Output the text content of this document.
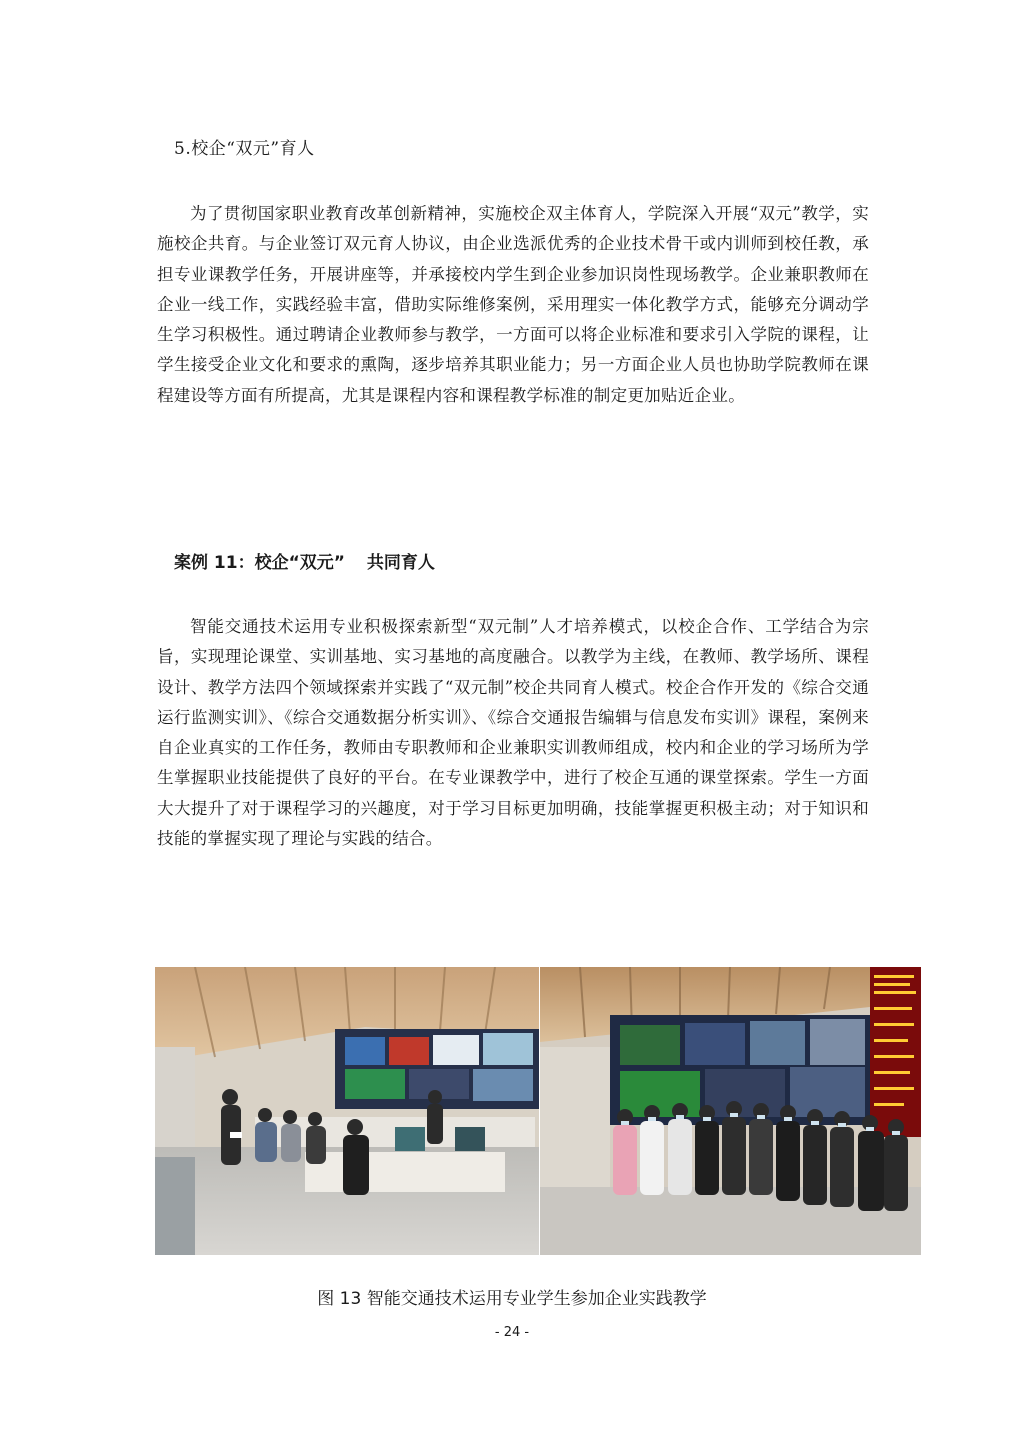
5.校企“双元”育人

为了贯彻国家职业教育改革创新精神，实施校企双主体育人，学院深入开展“双元”教学，实施校企共育。与企业签订双元育人协议，由企业选派优秀的企业技术骨干或内训师到校任教，承担专业课教学任务，开展讲座等，并承接校内学生到企业参加识岗性现场教学。企业兼职教师在企业一线工作，实践经验丰富，借助实际维修案例，采用理实一体化教学方式，能够充分调动学生学习积极性。通过聘请企业教师参与教学，一方面可以将企业标准和要求引入学院的课程，让学生接受企业文化和要求的熏陶，逐步培养其职业能力；另一方面企业人员也协助学院教师在课程建设等方面有所提高，尤其是课程内容和课程教学标准的制定更加贴近企业。

案例 11：校企“双元” 共同育人

智能交通技术运用专业积极探索新型“双元制”人才培养模式，以校企合作、工学结合为宗旨，实现理论课堂、实训基地、实习基地的高度融合。以教学为主线，在教师、教学场所、课程设计、教学方法四个领域探索并实践了“双元制”校企共同育人模式。校企合作开发的《综合交通运行监测实训》、《综合交通数据分析实训》、《综合交通报告编辑与信息发布实训》课程，案例来自企业真实的工作任务，教师由专职教师和企业兼职实训教师组成，校内和企业的学习场所为学生掌握职业技能提供了良好的平台。在专业课教学中，进行了校企互通的课堂探索。学生一方面大大提升了对于课程学习的兴趣度，对于学习目标更加明确，技能掌握更积极主动；对于知识和技能的掌握实现了理论与实践的结合。

图 13 智能交通技术运用专业学生参加企业实践教学
- 24 -
